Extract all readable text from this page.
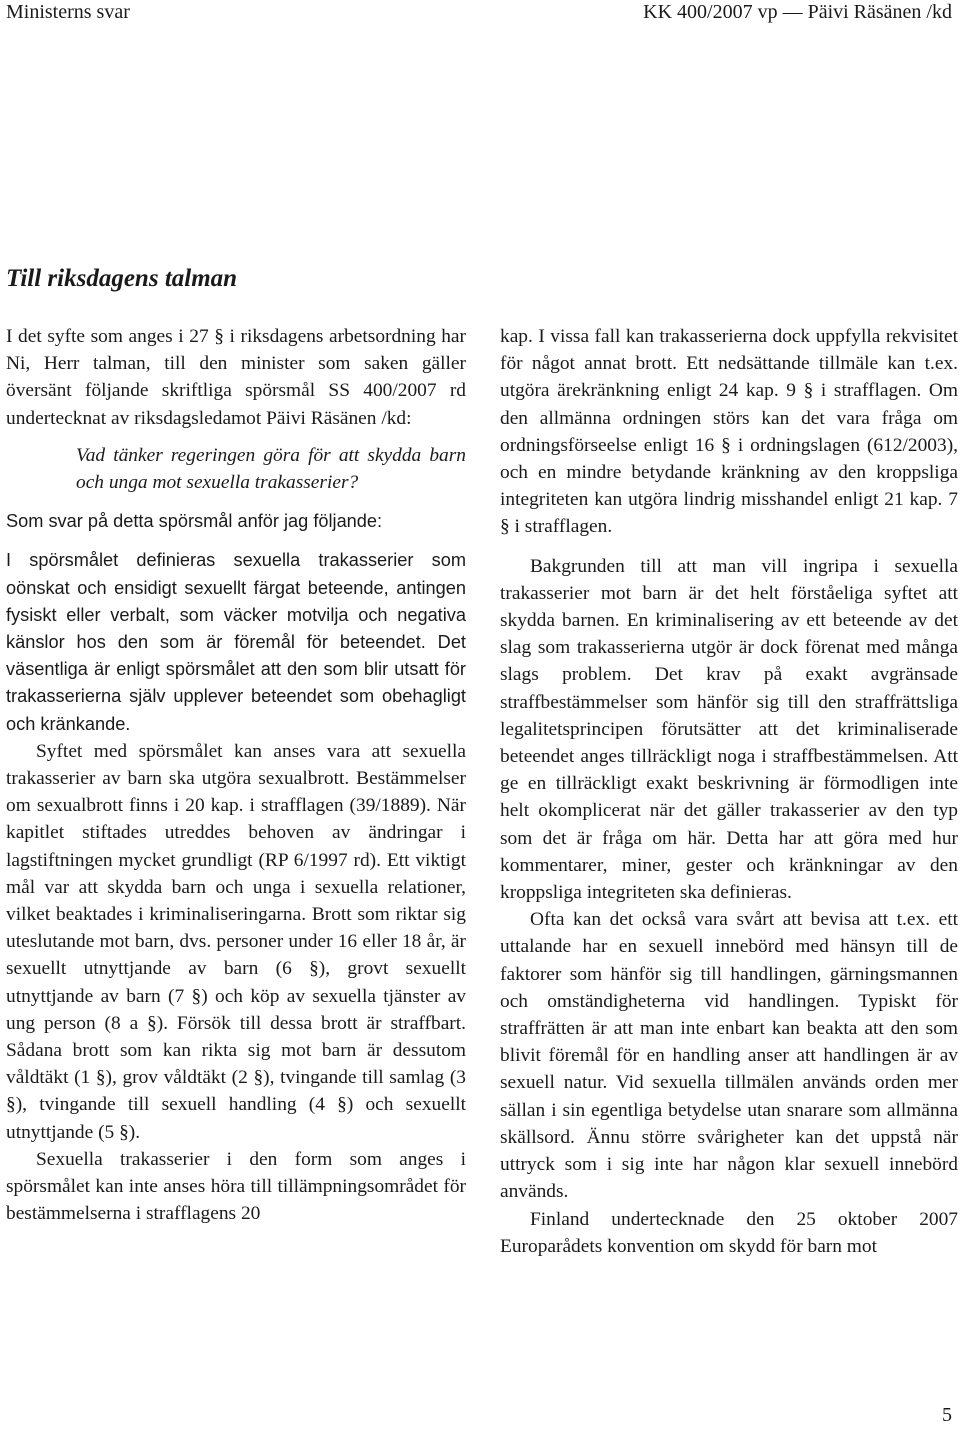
Ministerns svar	KK 400/2007 vp — Päivi Räsänen /kd
Till riksdagens talman

I det syfte som anges i 27 § i riksdagens arbetsordning har Ni, Herr talman, till den minister som saken gäller översänt följande skriftliga spörsmål SS 400/2007 rd undertecknat av riksdagsledamot Päivi Räsänen /kd:

Vad tänker regeringen göra för att skydda barn och unga mot sexuella trakasserier?

Som svar på detta spörsmål anför jag följande:

I spörsmålet definieras sexuella trakasserier som oönskat och ensidigt sexuellt färgat beteende, antingen fysiskt eller verbalt, som väcker motvilja och negativa känslor hos den som är föremål för beteendet. Det väsentliga är enligt spörsmålet att den som blir utsatt för trakasserierna själv upplever beteendet som obehagligt och kränkande.

Syftet med spörsmålet kan anses vara att sexuella trakasserier av barn ska utgöra sexualbrott. Bestämmelser om sexualbrott finns i 20 kap. i strafflagen (39/1889). När kapitlet stiftades utreddes behoven av ändringar i lagstiftningen mycket grundligt (RP 6/1997 rd). Ett viktigt mål var att skydda barn och unga i sexuella relationer, vilket beaktades i kriminaliseringarna. Brott som riktar sig uteslutande mot barn, dvs. personer under 16 eller 18 år, är sexuellt utnyttjande av barn (6 §), grovt sexuellt utnyttjande av barn (7 §) och köp av sexuella tjänster av ung person (8 a §). Försök till dessa brott är straffbart. Sådana brott som kan rikta sig mot barn är dessutom våldtäkt (1 §), grov våldtäkt (2 §), tvingande till samlag (3 §), tvingande till sexuell handling (4 §) och sexuellt utnyttjande (5 §).

Sexuella trakasserier i den form som anges i spörsmålet kan inte anses höra till tillämpningsområdet för bestämmelserna i strafflagens 20

kap. I vissa fall kan trakasserierna dock uppfylla rekvisitet för något annat brott. Ett nedsättande tillmäle kan t.ex. utgöra ärekränkning enligt 24 kap. 9 § i strafflagen. Om den allmänna ordningen störs kan det vara fråga om ordningsförseelse enligt 16 § i ordningslagen (612/2003), och en mindre betydande kränkning av den kroppsliga integriteten kan utgöra lindrig misshandel enligt 21 kap. 7 § i strafflagen.

Bakgrunden till att man vill ingripa i sexuella trakasserier mot barn är det helt förståeliga syftet att skydda barnen. En kriminalisering av ett beteende av det slag som trakasserierna utgör är dock förenat med många slags problem. Det krav på exakt avgränsade straffbestämmelser som hänför sig till den straffrättsliga legalitetsprincipen förutsätter att det kriminaliserade beteendet anges tillräckligt noga i straffbestämmelsen. Att ge en tillräckligt exakt beskrivning är förmodligen inte helt okomplicerat när det gäller trakasserier av den typ som det är fråga om här. Detta har att göra med hur kommentarer, miner, gester och kränkningar av den kroppsliga integriteten ska definieras.

Ofta kan det också vara svårt att bevisa att t.ex. ett uttalande har en sexuell innebörd med hänsyn till de faktorer som hänför sig till handlingen, gärningsmannen och omständigheterna vid handlingen. Typiskt för straffrätten är att man inte enbart kan beakta att den som blivit föremål för en handling anser att handlingen är av sexuell natur. Vid sexuella tillmälen används orden mer sällan i sin egentliga betydelse utan snarare som allmänna skällsord. Ännu större svårigheter kan det uppstå när uttryck som i sig inte har någon klar sexuell innebörd används.

Finland undertecknade den 25 oktober 2007 Europarådets konvention om skydd för barn mot

5
